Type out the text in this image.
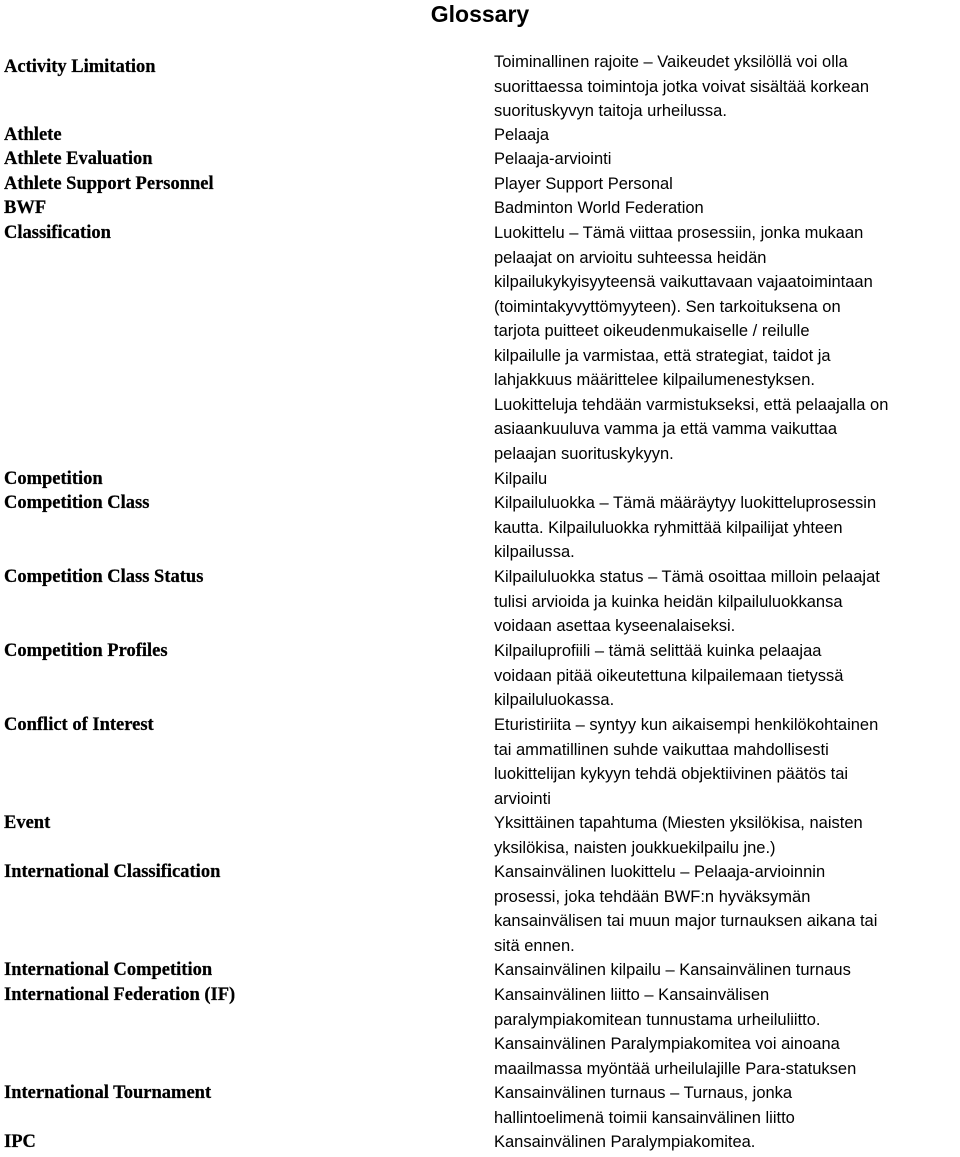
Glossary
Activity Limitation	Toiminallinen rajoite – Vaikeudet yksilöllä voi olla
suorittaessa toimintoja jotka voivat sisältää korkean
suorituskyvyn taitoja urheilussa.
Athlete	Pelaaja
Athlete Evaluation	Pelaaja-arviointi
Athlete Support Personnel	Player Support Personal
BWF	Badminton World Federation
Classification	Luokittelu – Tämä viittaa prosessiin, jonka mukaan
pelaajat on arvioitu suhteessa heidän
kilpailukykyisyyteensä vaikuttavaan vajaatoimintaan
(toimintakyvyttömyyteen). Sen tarkoituksena on
tarjota puitteet oikeudenmukaiselle / reilulle
kilpailulle ja varmistaa, että strategiat, taidot ja
lahjakkuus määrittelee kilpailumenestyksen.
Luokitteluja tehdään varmistukseksi, että pelaajalla on
asiaankuuluva vamma ja että vamma vaikuttaa
pelaajan suorituskykyyn.
Competition	Kilpailu
Competition Class	Kilpailuluokka – Tämä määräytyy luokitteluprosessin
kautta. Kilpailuluokka ryhmittää kilpailijat yhteen
kilpailussa.
Competition Class Status	Kilpailuluokka status – Tämä osoittaa milloin pelaajat
tulisi arvioida ja kuinka heidän kilpailuluokkansa
voidaan asettaa kyseenalaiseksi.
Competition Profiles	Kilpailuprofiili – tämä selittää kuinka pelaajaa
voidaan pitää oikeutettuna kilpailemaan tietyssä
kilpailuluokassa.
Conflict of Interest	Eturistiriita – syntyy kun aikaisempi henkilökohtainen
tai ammatillinen suhde vaikuttaa mahdollisesti
luokittelijan kykyyn tehdä objektiivinen päätös tai
arviointi
Event	Yksittäinen tapahtuma (Miesten yksilökisa, naisten
yksilökisa, naisten joukkuekilpailu jne.)
International Classification	Kansainvälinen luokittelu – Pelaaja-arvioinnin
prosessi, joka tehdään BWF:n hyväksymän
kansainvälisen tai muun major turnauksen aikana tai
sitä ennen.
International Competition	Kansainvälinen kilpailu – Kansainvälinen turnaus
International Federation (IF)	Kansainvälinen liitto – Kansainvälisen
paralympiakomitean tunnustama urheiluliitto.
Kansainvälinen Paralympiakomitea voi ainoana
maailmassa myöntää urheilulajille Para-statuksen
International Tournament	Kansainvälinen turnaus – Turnaus, jonka
hallintoelimenä toimii kansainvälinen liitto
IPC	Kansainvälinen Paralympiakomitea.
